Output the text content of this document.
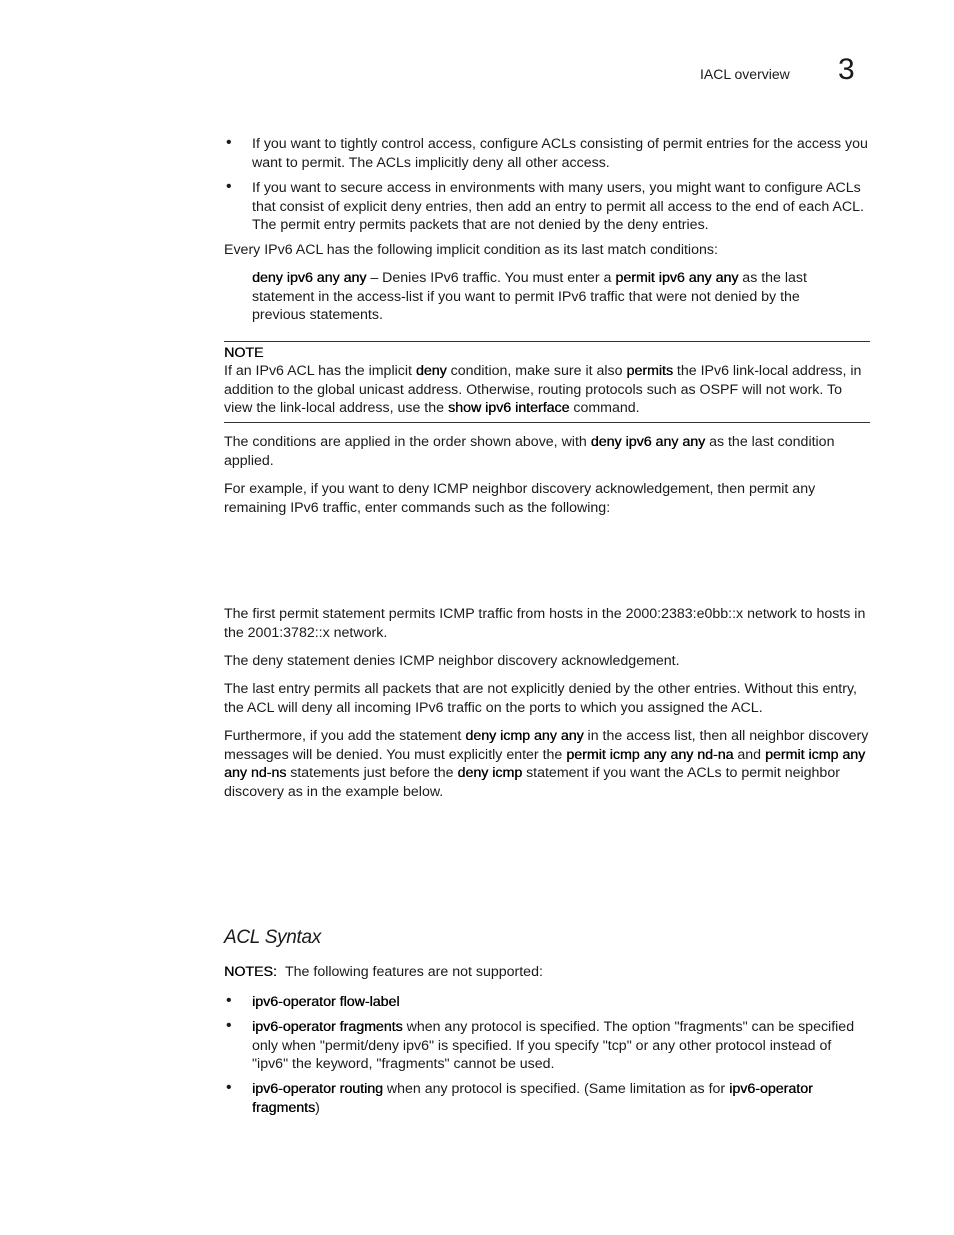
IACL overview 3
• If you want to tightly control access, configure ACLs consisting of permit entries for the access you want to permit. The ACLs implicitly deny all other access.

• If you want to secure access in environments with many users, you might want to configure ACLs that consist of explicit deny entries, then add an entry to permit all access to the end of each ACL. The permit entry permits packets that are not denied by the deny entries.

Every IPv6 ACL has the following implicit condition as its last match conditions:

deny ipv6 any any – Denies IPv6 traffic. You must enter a permit ipv6 any any as the last statement in the access-list if you want to permit IPv6 traffic that were not denied by the previous statements.

NOTE

If an IPv6 ACL has the implicit deny condition, make sure it also permits the IPv6 link-local address, in addition to the global unicast address. Otherwise, routing protocols such as OSPF will not work. To view the link-local address, use the show ipv6 interface command.

The conditions are applied in the order shown above, with deny ipv6 any any as the last condition applied.

For example, if you want to deny ICMP neighbor discovery acknowledgement, then permit any remaining IPv6 traffic, enter commands such as the following:

The first permit statement permits ICMP traffic from hosts in the 2000:2383:e0bb::x network to hosts in the 2001:3782::x network.

The deny statement denies ICMP neighbor discovery acknowledgement.

The last entry permits all packets that are not explicitly denied by the other entries. Without this entry, the ACL will deny all incoming IPv6 traffic on the ports to which you assigned the ACL.

Furthermore, if you add the statement deny icmp any any in the access list, then all neighbor discovery messages will be denied. You must explicitly enter the permit icmp any any nd-na and permit icmp any any nd-ns statements just before the deny icmp statement if you want the ACLs to permit neighbor discovery as in the example below.

ACL Syntax
NOTES: The following features are not supported:
• ipv6-operator flow-label

• ipv6-operator fragments when any protocol is specified. The option "fragments" can be specified only when "permit/deny ipv6" is specified. If you specify "tcp" or any other protocol instead of "ipv6" the keyword, "fragments" cannot be used.

• ipv6-operator routing when any protocol is specified. (Same limitation as for ipv6-operator fragments)
